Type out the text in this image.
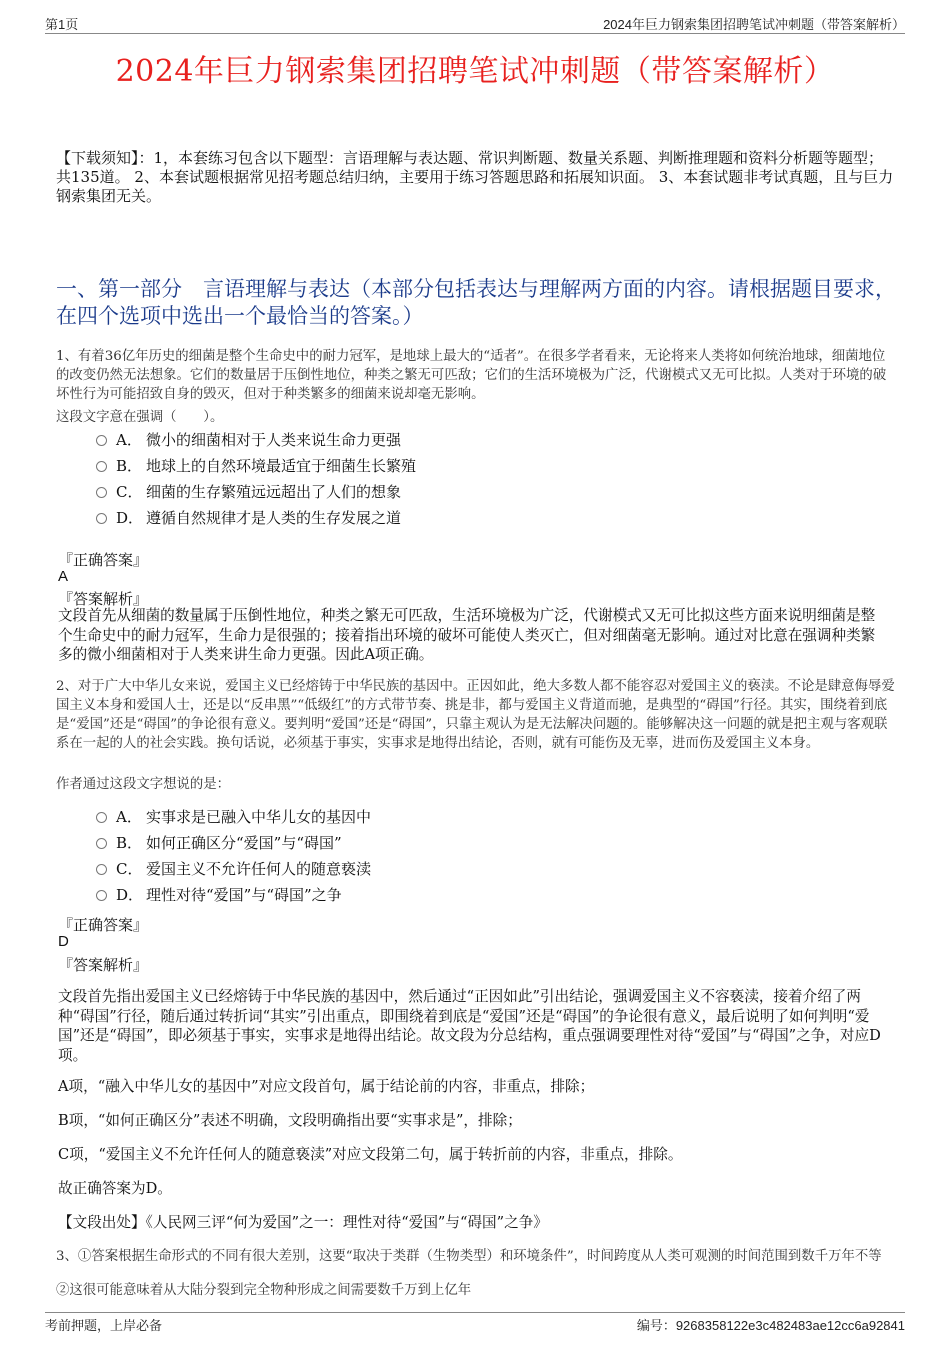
第1页	2024年巨力钢索集团招聘笔试冲刺题（带答案解析）
2024年巨力钢索集团招聘笔试冲刺题（带答案解析）
【下载须知】：1，本套练习包含以下题型：言语理解与表达题、常识判断题、数量关系题、判断推理题和资料分析题等题型；共135道。 2、本套试题根据常见招考题总结归纳，主要用于练习答题思路和拓展知识面。 3、本套试题非考试真题，且与巨力钢索集团无关。
一、第一部分　言语理解与表达（本部分包括表达与理解两方面的内容。请根据题目要求，在四个选项中选出一个最恰当的答案。）
1、有着36亿年历史的细菌是整个生命史中的耐力冠军，是地球上最大的“适者”。在很多学者看来，无论将来人类将如何统治地球，细菌地位的改变仍然无法想象。它们的数量居于压倒性地位，种类之繁无可匹敌；它们的生活环境极为广泛，代谢模式又无可比拟。人类对于环境的破坏性行为可能招致自身的毁灭，但对于种类繁多的细菌来说却毫无影响。
这段文字意在强调（　　）。
A． 微小的细菌相对于人类来说生命力更强
B． 地球上的自然环境最适宜于细菌生长繁殖
C． 细菌的生存繁殖远远超出了人们的想象
D． 遵循自然规律才是人类的生存发展之道
『正确答案』
A
『答案解析』
文段首先从细菌的数量属于压倒性地位，种类之繁无可匹敌，生活环境极为广泛，代谢模式又无可比拟这些方面来说明细菌是整个生命史中的耐力冠军，生命力是很强的；接着指出环境的破坏可能使人类灭亡，但对细菌毫无影响。通过对比意在强调种类繁多的微小细菌相对于人类来讲生命力更强。因此A项正确。
2、对于广大中华儿女来说，爱国主义已经熔铸于中华民族的基因中。正因如此，绝大多数人都不能容忍对爱国主义的亵渎。不论是肆意侮辱爱国主义本身和爱国人士，还是以“反串黑”“低级红”的方式带节奏、挑是非，都与爱国主义背道而驰，是典型的“碍国”行径。其实，围绕着到底是“爱国”还是“碍国”的争论很有意义。要判明“爱国”还是“碍国”，只靠主观认为是无法解决问题的。能够解决这一问题的就是把主观与客观联系在一起的人的社会实践。换句话说，必须基于事实，实事求是地得出结论，否则，就有可能伤及无辜，进而伤及爱国主义本身。
作者通过这段文字想说的是：
A． 实事求是已融入中华儿女的基因中
B． 如何正确区分“爱国”与“碍国”
C． 爱国主义不允许任何人的随意亵渎
D． 理性对待“爱国”与“碍国”之争
『正确答案』
D
『答案解析』
文段首先指出爱国主义已经熔铸于中华民族的基因中，然后通过“正因如此”引出结论，强调爱国主义不容亵渎，接着介绍了两种“碍国”行径，随后通过转折词“其实”引出重点，即围绕着到底是“爱国”还是“碍国”的争论很有意义，最后说明了如何判明“爱国”还是“碍国”，即必须基于事实，实事求是地得出结论。故文段为分总结构，重点强调要理性对待“爱国”与“碍国”之争，对应D项。
A项，“融入中华儿女的基因中”对应文段首句，属于结论前的内容，非重点，排除；
B项，“如何正确区分”表述不明确，文段明确指出要“实事求是”，排除；
C项，“爱国主义不允许任何人的随意亵渎”对应文段第二句，属于转折前的内容，非重点，排除。
故正确答案为D。
【文段出处】《人民网三评“何为爱国”之一：理性对待“爱国”与“碍国”之争》
3、①答案根据生命形式的不同有很大差别，这要“取决于类群（生物类型）和环境条件”，时间跨度从人类可观测的时间范围到数千万年不等
②这很可能意味着从大陆分裂到完全物种形成之间需要数千万到上亿年
考前押题，上岸必备	编号：9268358122e3c482483ae12cc6a92841
